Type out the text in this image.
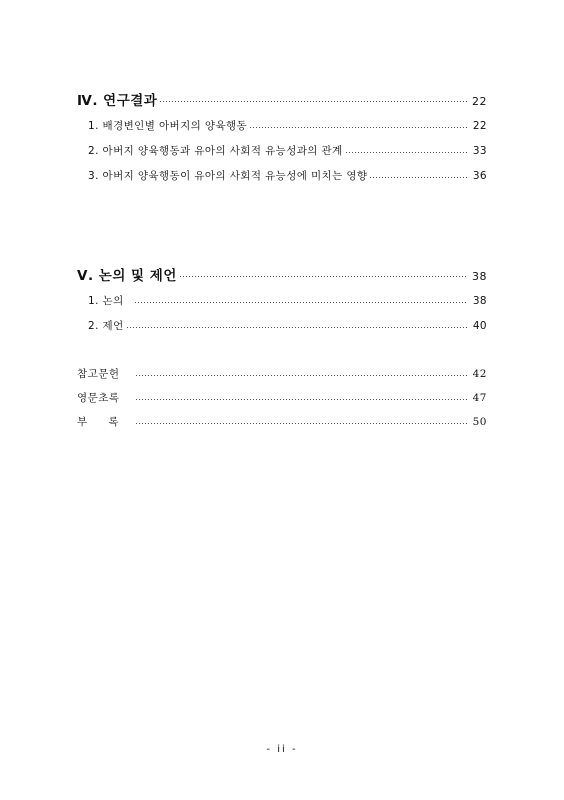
Ⅳ. 연구결과	22
1. 배경변인별 아버지의 양육행동	22
2. 아버지 양육행동과 유아의 사회적 유능성과의 관계	33
3. 아버지 양육행동이 유아의 사회적 유능성에 미치는 영향	36
Ⅴ. 논의 및 제언	38
1. 논의	38
2. 제언	40
참고문헌	42
영문초록	47
부 록	50
- ii -
